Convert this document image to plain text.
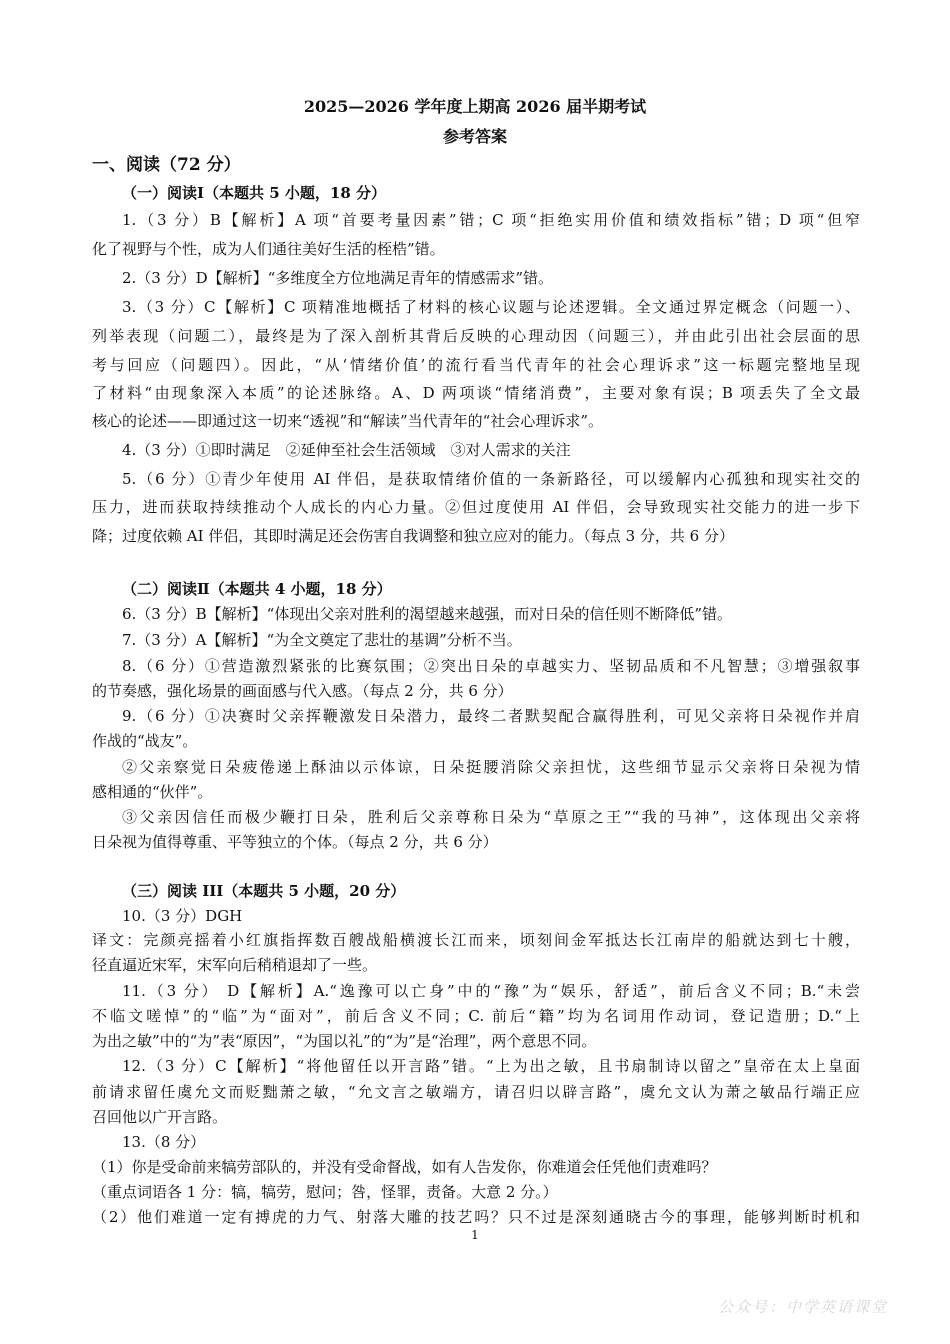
2025—2026 学年度上期高 2026 届半期考试
参考答案
一、阅读（72 分）
（一）阅读Ⅰ（本题共 5 小题，18 分）
1.（3 分）B【解析】A 项“首要考量因素”错；C 项“拒绝实用价值和绩效指标”错；D 项“但窄
化了视野与个性，成为人们通往美好生活的桎梏”错。
2.（3 分）D【解析】“多维度全方位地满足青年的情感需求”错。
3.（3 分）C【解析】C 项精准地概括了材料的核心议题与论述逻辑。全文通过界定概念（问题一）、
列举表现（问题二），最终是为了深入剖析其背后反映的心理动因（问题三），并由此引出社会层面的思
考与回应（问题四）。因此，“从‘情绪价值’的流行看当代青年的社会心理诉求”这一标题完整地呈现
了材料“由现象深入本质”的论述脉络。A、D 两项谈“情绪消费”，主要对象有误；B 项丢失了全文最
核心的论述——即通过这一切来“透视”和“解读”当代青年的“社会心理诉求”。
4.（3 分）①即时满足　②延伸至社会生活领域　③对人需求的关注
5.（6 分）①青少年使用 AI 伴侣，是获取情绪价值的一条新路径，可以缓解内心孤独和现实社交的
压力，进而获取持续推动个人成长的内心力量。②但过度使用 AI 伴侣，会导致现实社交能力的进一步下
降；过度依赖 AI 伴侣，其即时满足还会伤害自我调整和独立应对的能力。（每点 3 分，共 6 分）
（二）阅读Ⅱ（本题共 4 小题，18 分）
6.（3 分）B【解析】“体现出父亲对胜利的渴望越来越强，而对日朵的信任则不断降低”错。
7.（3 分）A【解析】“为全文奠定了悲壮的基调”分析不当。
8.（6 分）①营造激烈紧张的比赛氛围；②突出日朵的卓越实力、坚韧品质和不凡智慧；③增强叙事
的节奏感，强化场景的画面感与代入感。（每点 2 分，共 6 分）
9.（6 分）①决赛时父亲挥鞭激发日朵潜力，最终二者默契配合赢得胜利，可见父亲将日朵视作并肩
作战的“战友”。
②父亲察觉日朵疲倦递上酥油以示体谅，日朵挺腰消除父亲担忧，这些细节显示父亲将日朵视为情
感相通的“伙伴”。
③父亲因信任而极少鞭打日朵，胜利后父亲尊称日朵为“草原之王”“我的马神”，这体现出父亲将
日朵视为值得尊重、平等独立的个体。（每点 2 分，共 6 分）
（三）阅读 III（本题共 5 小题，20 分）
10.（3 分）DGH
译文：完颜亮摇着小红旗指挥数百艘战船横渡长江而来，顷刻间金军抵达长江南岸的船就达到七十艘，
径直逼近宋军，宋军向后稍稍退却了一些。
11.（3 分） D【解析】A.“逸豫可以亡身”中的“豫”为“娱乐，舒适”，前后含义不同；B.“未尝
不临文嗟悼”的“临”为“面对”，前后含义不同；C. 前后“籍”均为名词用作动词，登记造册；D.“上
为出之敏”中的“为”表“原因”，“为国以礼”的“为”是“治理”，两个意思不同。
12.（3 分）C【解析】“将他留任以开言路”错。“上为出之敏，且书扇制诗以留之”皇帝在太上皇面
前请求留任虞允文而贬黜萧之敏，“允文言之敏端方，请召归以辟言路”，虞允文认为萧之敏品行端正应
召回他以广开言路。
13.（8 分）
（1）你是受命前来犒劳部队的，并没有受命督战，如有人告发你，你难道会任凭他们责难吗？
（重点词语各 1 分：犒，犒劳，慰问；咎，怪罪，责备。大意 2 分。）
（2）他们难道一定有搏虎的力气、射落大雕的技艺吗？只不过是深刻通晓古今的事理，能够判断时机和
1
公众号：中学英语课堂
